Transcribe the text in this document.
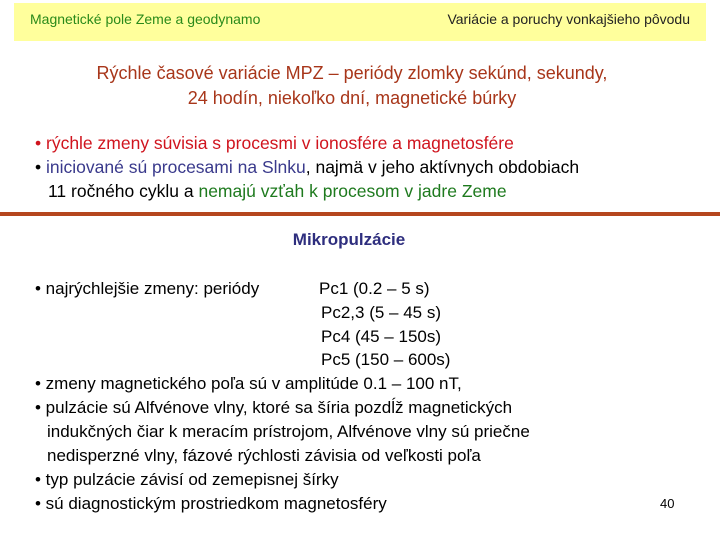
Magnetické pole Zeme a geodynamo	Variácie a poruchy vonkajšieho pôvodu
Rýchle časové variácie MPZ – periódy zlomky sekúnd, sekundy,
24 hodín, niekoľko dní, magnetické búrky
• rýchle zmeny súvisia s procesmi v ionosfére a magnetosfére
• iniciované sú procesami na Slnku, najmä v jeho aktívnych obdobiach
11 ročného cyklu a nemajú vzťah k procesom v jadre Zeme
Mikropulzácie
• najrýchlejšie zmeny: periódy	Pc1 (0.2 – 5 s)
Pc2,3 (5 – 45 s)
Pc4 (45 – 150s)
Pc5 (150 – 600s)
• zmeny magnetického poľa sú v amplitúde 0.1 – 100 nT,
• pulzácie sú Alfvénove vlny, ktoré sa šíria pozdĺž magnetických
indukčných čiar k meracím prístrojom, Alfvénove vlny sú priečne
nedisperzné vlny, fázové rýchlosti závisia od veľkosti poľa
• typ pulzácie závisí od zemepisnej šírky
• sú diagnostickým prostriedkom magnetosféry	40
